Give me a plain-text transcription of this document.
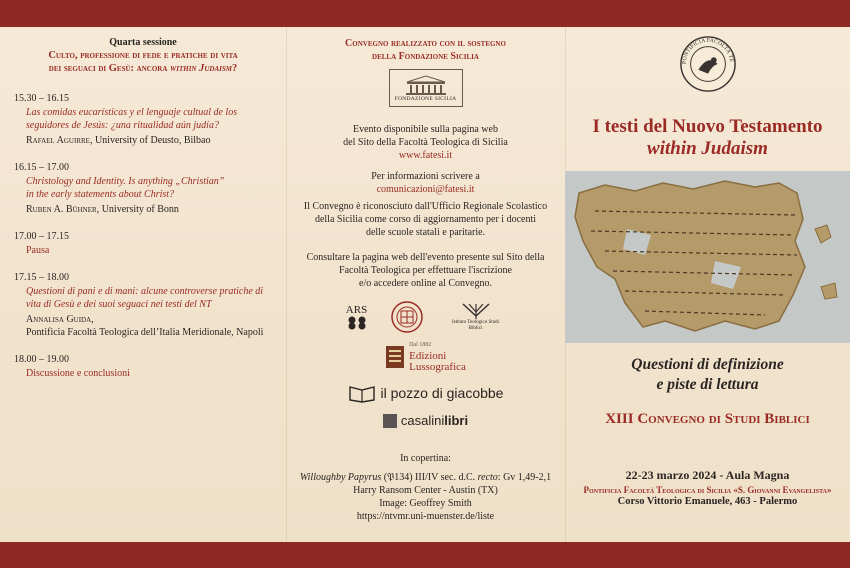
Quarta sessione
Culto, professione di fede e pratiche di vita
dei seguaci di Gesù: ancora within Judaism?
15.30 – 16.15
Las comidas eucarísticas y el lenguaje cultual de los
seguidores de Jesús: ¿una ritualidad aún judía?
Rafael Aguirre, University of Deusto, Bilbao
16.15 – 17.00
Christology and Identity. Is anything „Christian”
in the early statements about Christ?
Ruben A. Bühner, University of Bonn
17.00 – 17.15
Pausa
17.15 – 18.00
Questioni di pani e di mani: alcune controverse pratiche di
vita di Gesù e dei suoi seguaci nei testi del NT
Annalisa Guida,
Pontificia Facoltà Teologica dell’Italia Meridionale, Napoli
18.00 – 19.00
Discussione e conclusioni
Convegno realizzato con il sostegno
della Fondazione Sicilia
FONDAZIONE SICILIA

Evento disponibile sulla pagina web

del Sito della Facoltà Teologica di Sicilia

www.fatesi.it

Per informazioni scrivere a

comunicazioni@fatesi.it

Il Convegno è riconosciuto dall'Ufficio Regionale Scolastico

della Sicilia come corso di aggiornamento per i docenti

delle scuole statali e paritarie.

Consultare la pagina web dell'evento presente sul Sito della

Facoltà Teologica per effettuare l'iscrizione

e/o accedere online al Convegno.

ARS
Istituto Teologico Studi Biblici
Dal 1882
Edizioni
Lussografica
il pozzo di giacobbe
casalinilibri

In copertina:

Willoughby Papyrus (𝔓134) III/IV sec. d.C. recto: Gv 1,49-2,1

Harry Ransom Center - Austin (TX)

Image: Geoffrey Smith

https://ntvmr.uni-muenster.de/liste

PONTIFICIA FACOLTÀ TE
I testi del Nuovo Testamento
within Judaism
Questioni di definizione
e piste di lettura
XIII Convegno di Studi Biblici
22-23 marzo 2024 - Aula Magna
Pontificia Facoltà Teologica di Sicilia «S. Giovanni Evangelista»
Corso Vittorio Emanuele, 463 - Palermo
